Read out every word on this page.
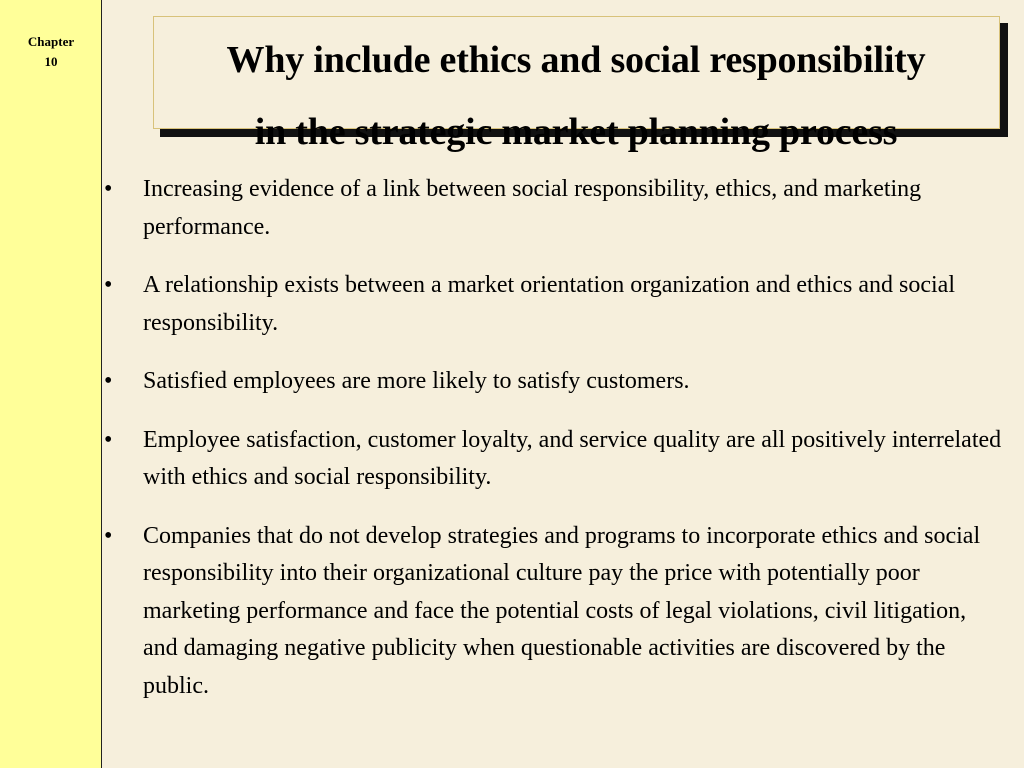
Chapter
10	Why include ethics and social responsibility
in the strategic market planning process
•	Increasing evidence of a link between social responsibility, ethics, and marketing performance.
•	A relationship exists between a market orientation organization and ethics and social responsibility.
•	Satisfied employees are more likely to satisfy customers.
•	Employee satisfaction, customer loyalty, and service quality are all positively interrelated with ethics and social responsibility.
•	Companies that do not develop strategies and programs to incorporate ethics and social responsibility into their organizational culture pay the price with potentially poor marketing performance and face the potential costs of legal violations, civil litigation, and damaging negative publicity when questionable activities are discovered by the public.
